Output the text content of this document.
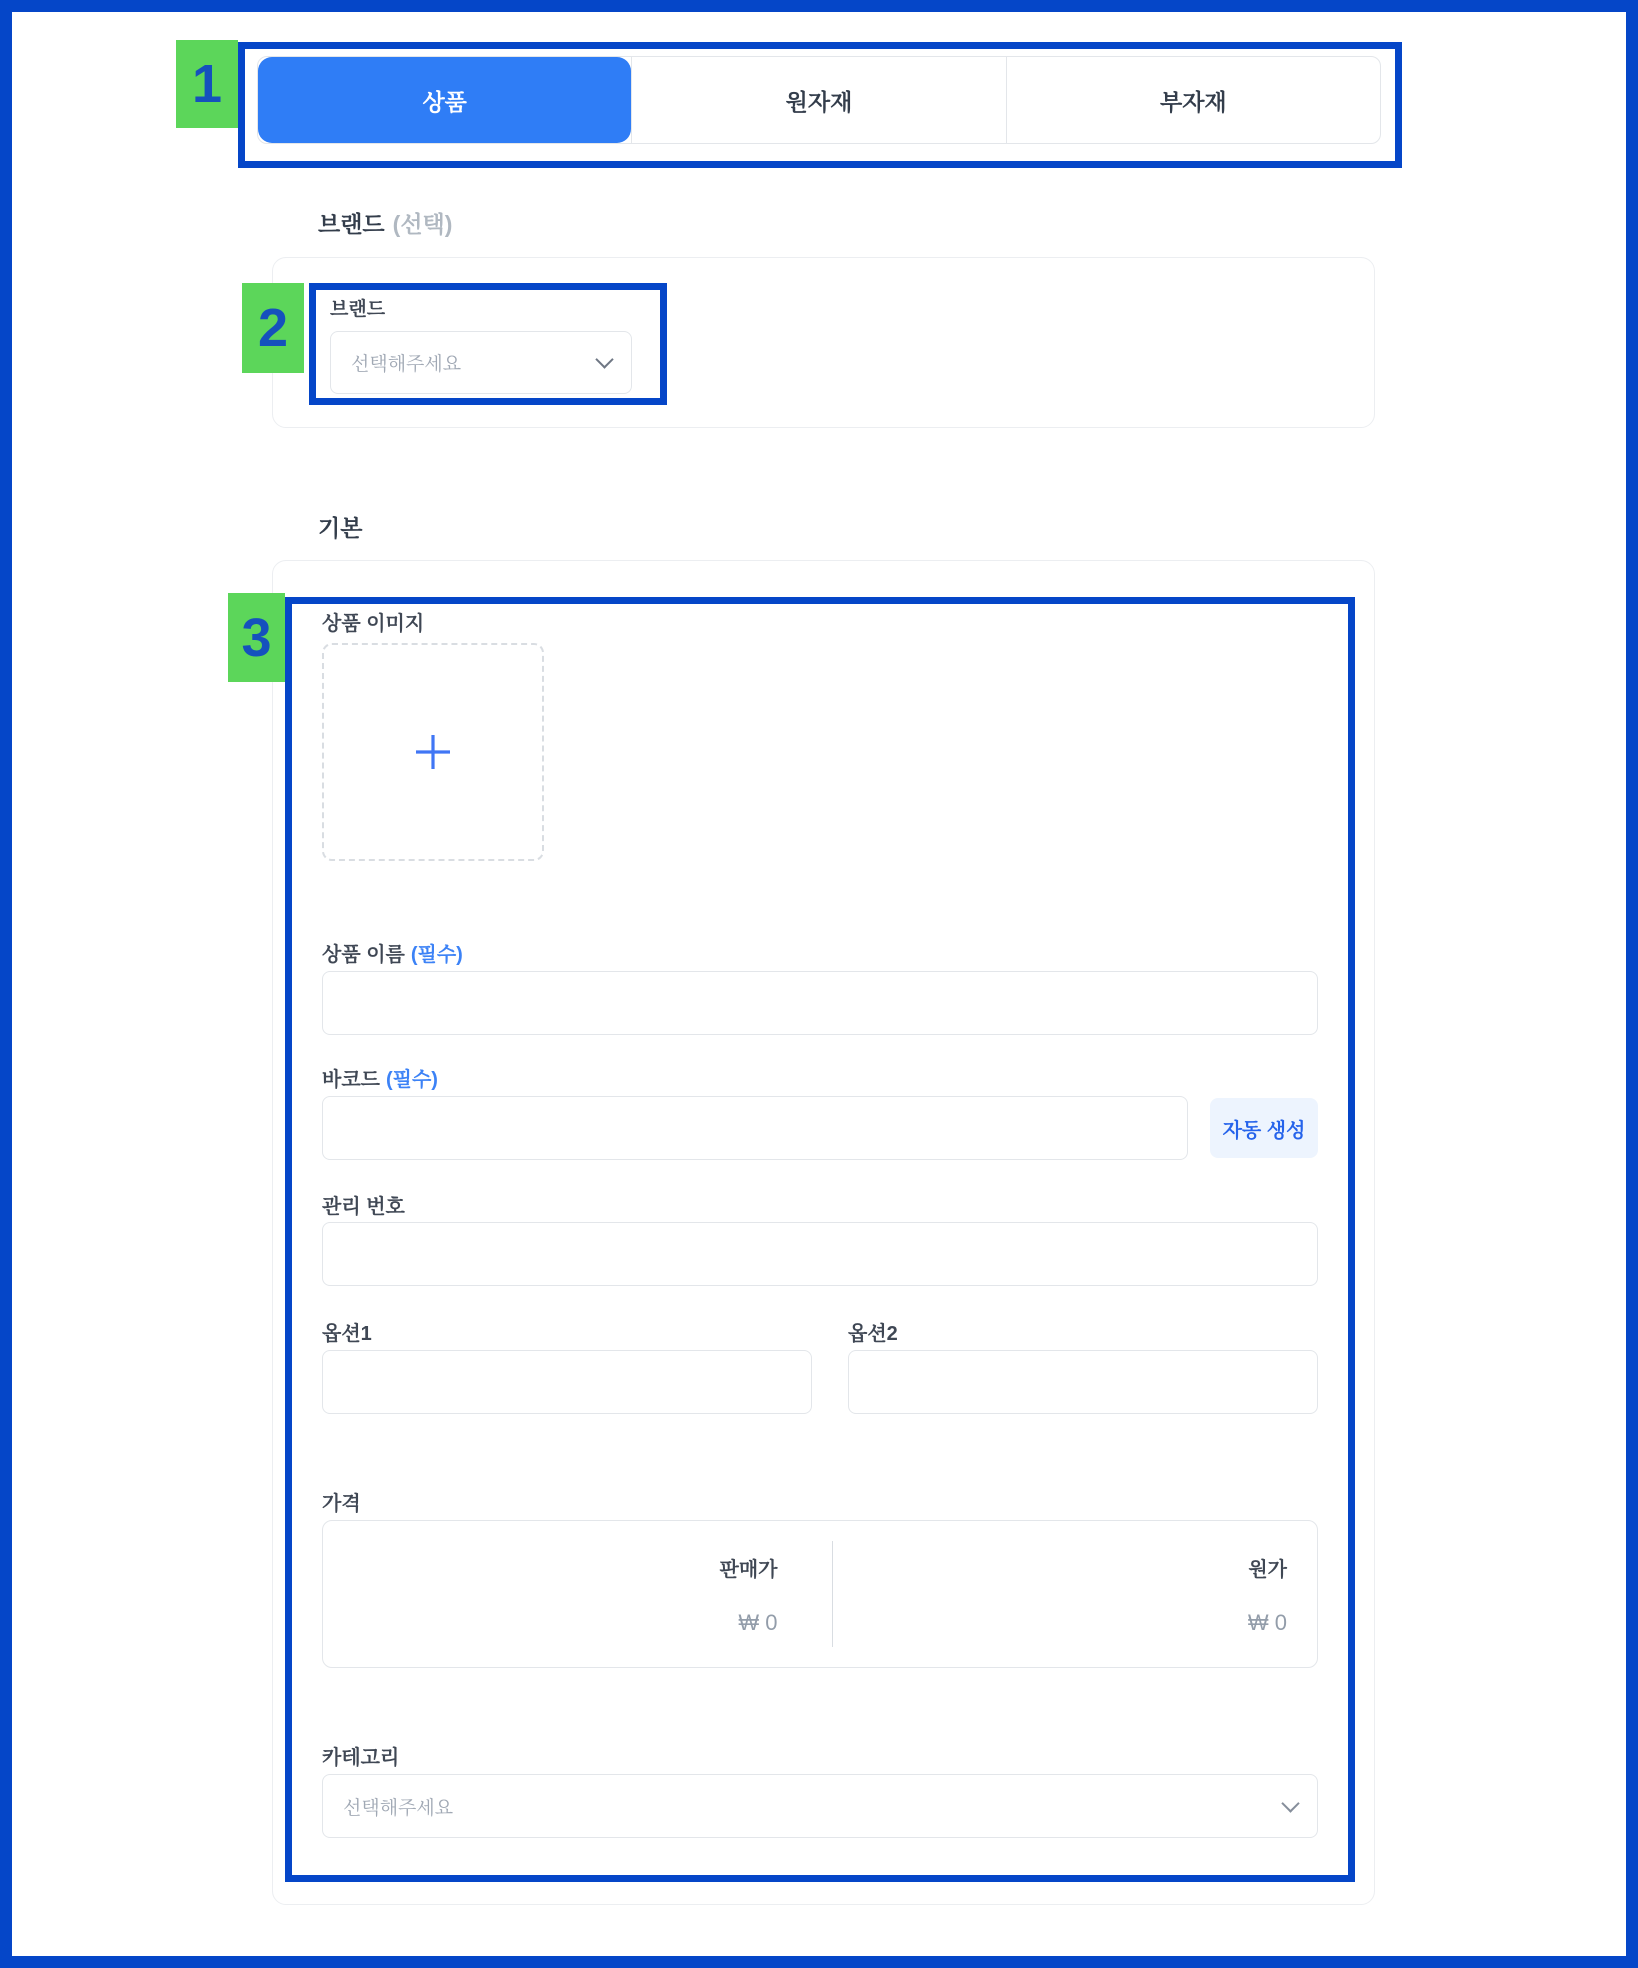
1	상품	원자재	부자재
브랜드 (선택)
2	브랜드
선택해주세요
기본
3	상품 이미지
상품 이름 (필수)
바코드 (필수)
자동 생성
관리 번호
옵션1	옵션2
가격
판매가
₩ 0
원가
₩ 0
카테고리
선택해주세요
